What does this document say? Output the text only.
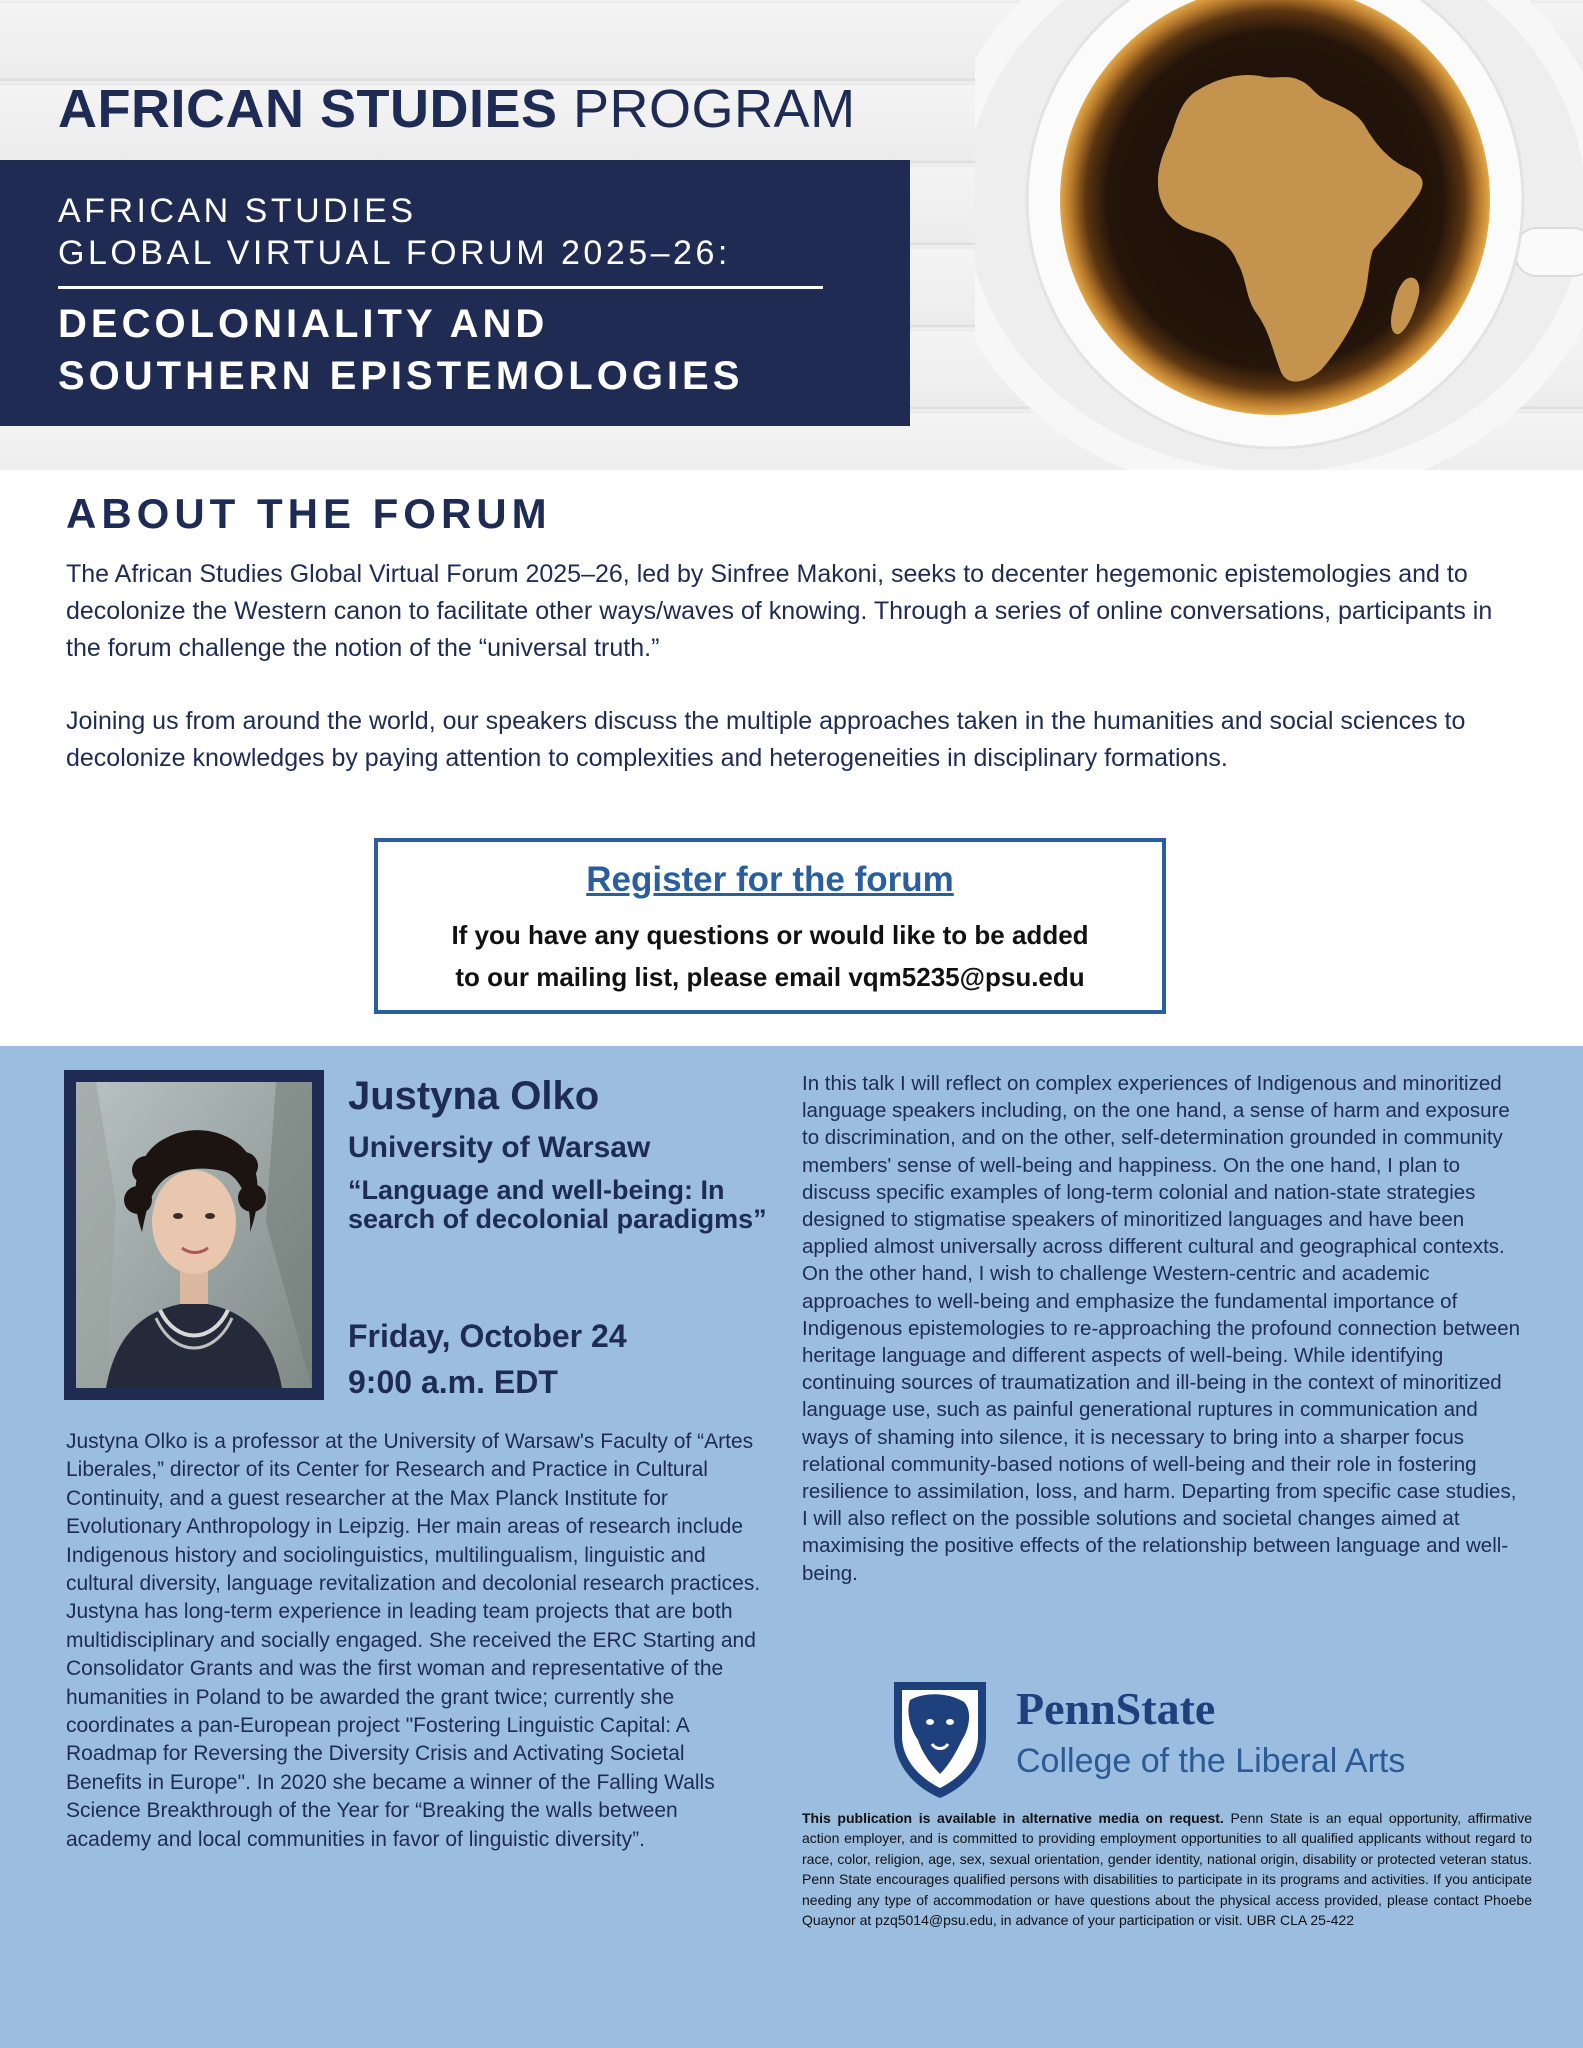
AFRICAN STUDIES PROGRAM

AFRICAN STUDIES
GLOBAL VIRTUAL FORUM 2025–26:

DECOLONIALITY AND
SOUTHERN EPISTEMOLOGIES

ABOUT THE FORUM

The African Studies Global Virtual Forum 2025–26, led by Sinfree Makoni, seeks to decenter hegemonic epistemologies and to decolonize the Western canon to facilitate other ways/waves of knowing. Through a series of online conversations, participants in the forum challenge the notion of the “universal truth.”

Joining us from around the world, our speakers discuss the multiple approaches taken in the humanities and social sciences to decolonize knowledges by paying attention to complexities and heterogeneities in disciplinary formations.

Register for the forum

If you have any questions or would like to be added
to our mailing list, please email vqm5235@psu.edu

Justyna Olko

University of Warsaw

“Language and well-being: In search of decolonial paradigms”

Friday, October 24

9:00 a.m. EDT

Justyna Olko is a professor at the University of Warsaw's Faculty of “Artes Liberales,” director of its Center for Research and Practice in Cultural Continuity, and a guest researcher at the Max Planck Institute for Evolutionary Anthropology in Leipzig. Her main areas of research include Indigenous history and sociolinguistics, multilingualism, linguistic and cultural diversity, language revitalization and decolonial research practices. Justyna has long-term experience in leading team projects that are both multidisciplinary and socially engaged. She received the ERC Starting and Consolidator Grants and was the first woman and representative of the humanities in Poland to be awarded the grant twice; currently she coordinates a pan-European project "Fostering Linguistic Capital: A Roadmap for Reversing the Diversity Crisis and Activating Societal Benefits in Europe". In 2020 she became a winner of the Falling Walls Science Breakthrough of the Year for “Breaking the walls between academy and local communities in favor of linguistic diversity”.

In this talk I will reflect on complex experiences of Indigenous and minoritized language speakers including, on the one hand, a sense of harm and exposure to discrimination, and on the other, self-determination grounded in community members' sense of well-being and happiness. On the one hand, I plan to discuss specific examples of long-term colonial and nation-state strategies designed to stigmatise speakers of minoritized languages and have been applied almost universally across different cultural and geographical contexts. On the other hand, I wish to challenge Western-centric and academic approaches to well-being and emphasize the fundamental importance of Indigenous epistemologies to re-approaching the profound connection between heritage language and different aspects of well-being. While identifying continuing sources of traumatization and ill-being in the context of minoritized language use, such as painful generational ruptures in communication and ways of shaming into silence, it is necessary to bring into a sharper focus relational community-based notions of well-being and their role in fostering resilience to assimilation, loss, and harm. Departing from specific case studies, I will also reflect on the possible solutions and societal changes aimed at maximising the positive effects of the relationship between language and well-being.

PennState

College of the Liberal Arts

This publication is available in alternative media on request. Penn State is an equal opportunity, affirmative action employer, and is committed to providing employment opportunities to all qualified applicants without regard to race, color, religion, age, sex, sexual orientation, gender identity, national origin, disability or protected veteran status. Penn State encourages qualified persons with disabilities to participate in its programs and activities. If you anticipate needing any type of accommodation or have questions about the physical access provided, please contact Phoebe Quaynor at pzq5014@psu.edu, in advance of your participation or visit. UBR CLA 25-422
